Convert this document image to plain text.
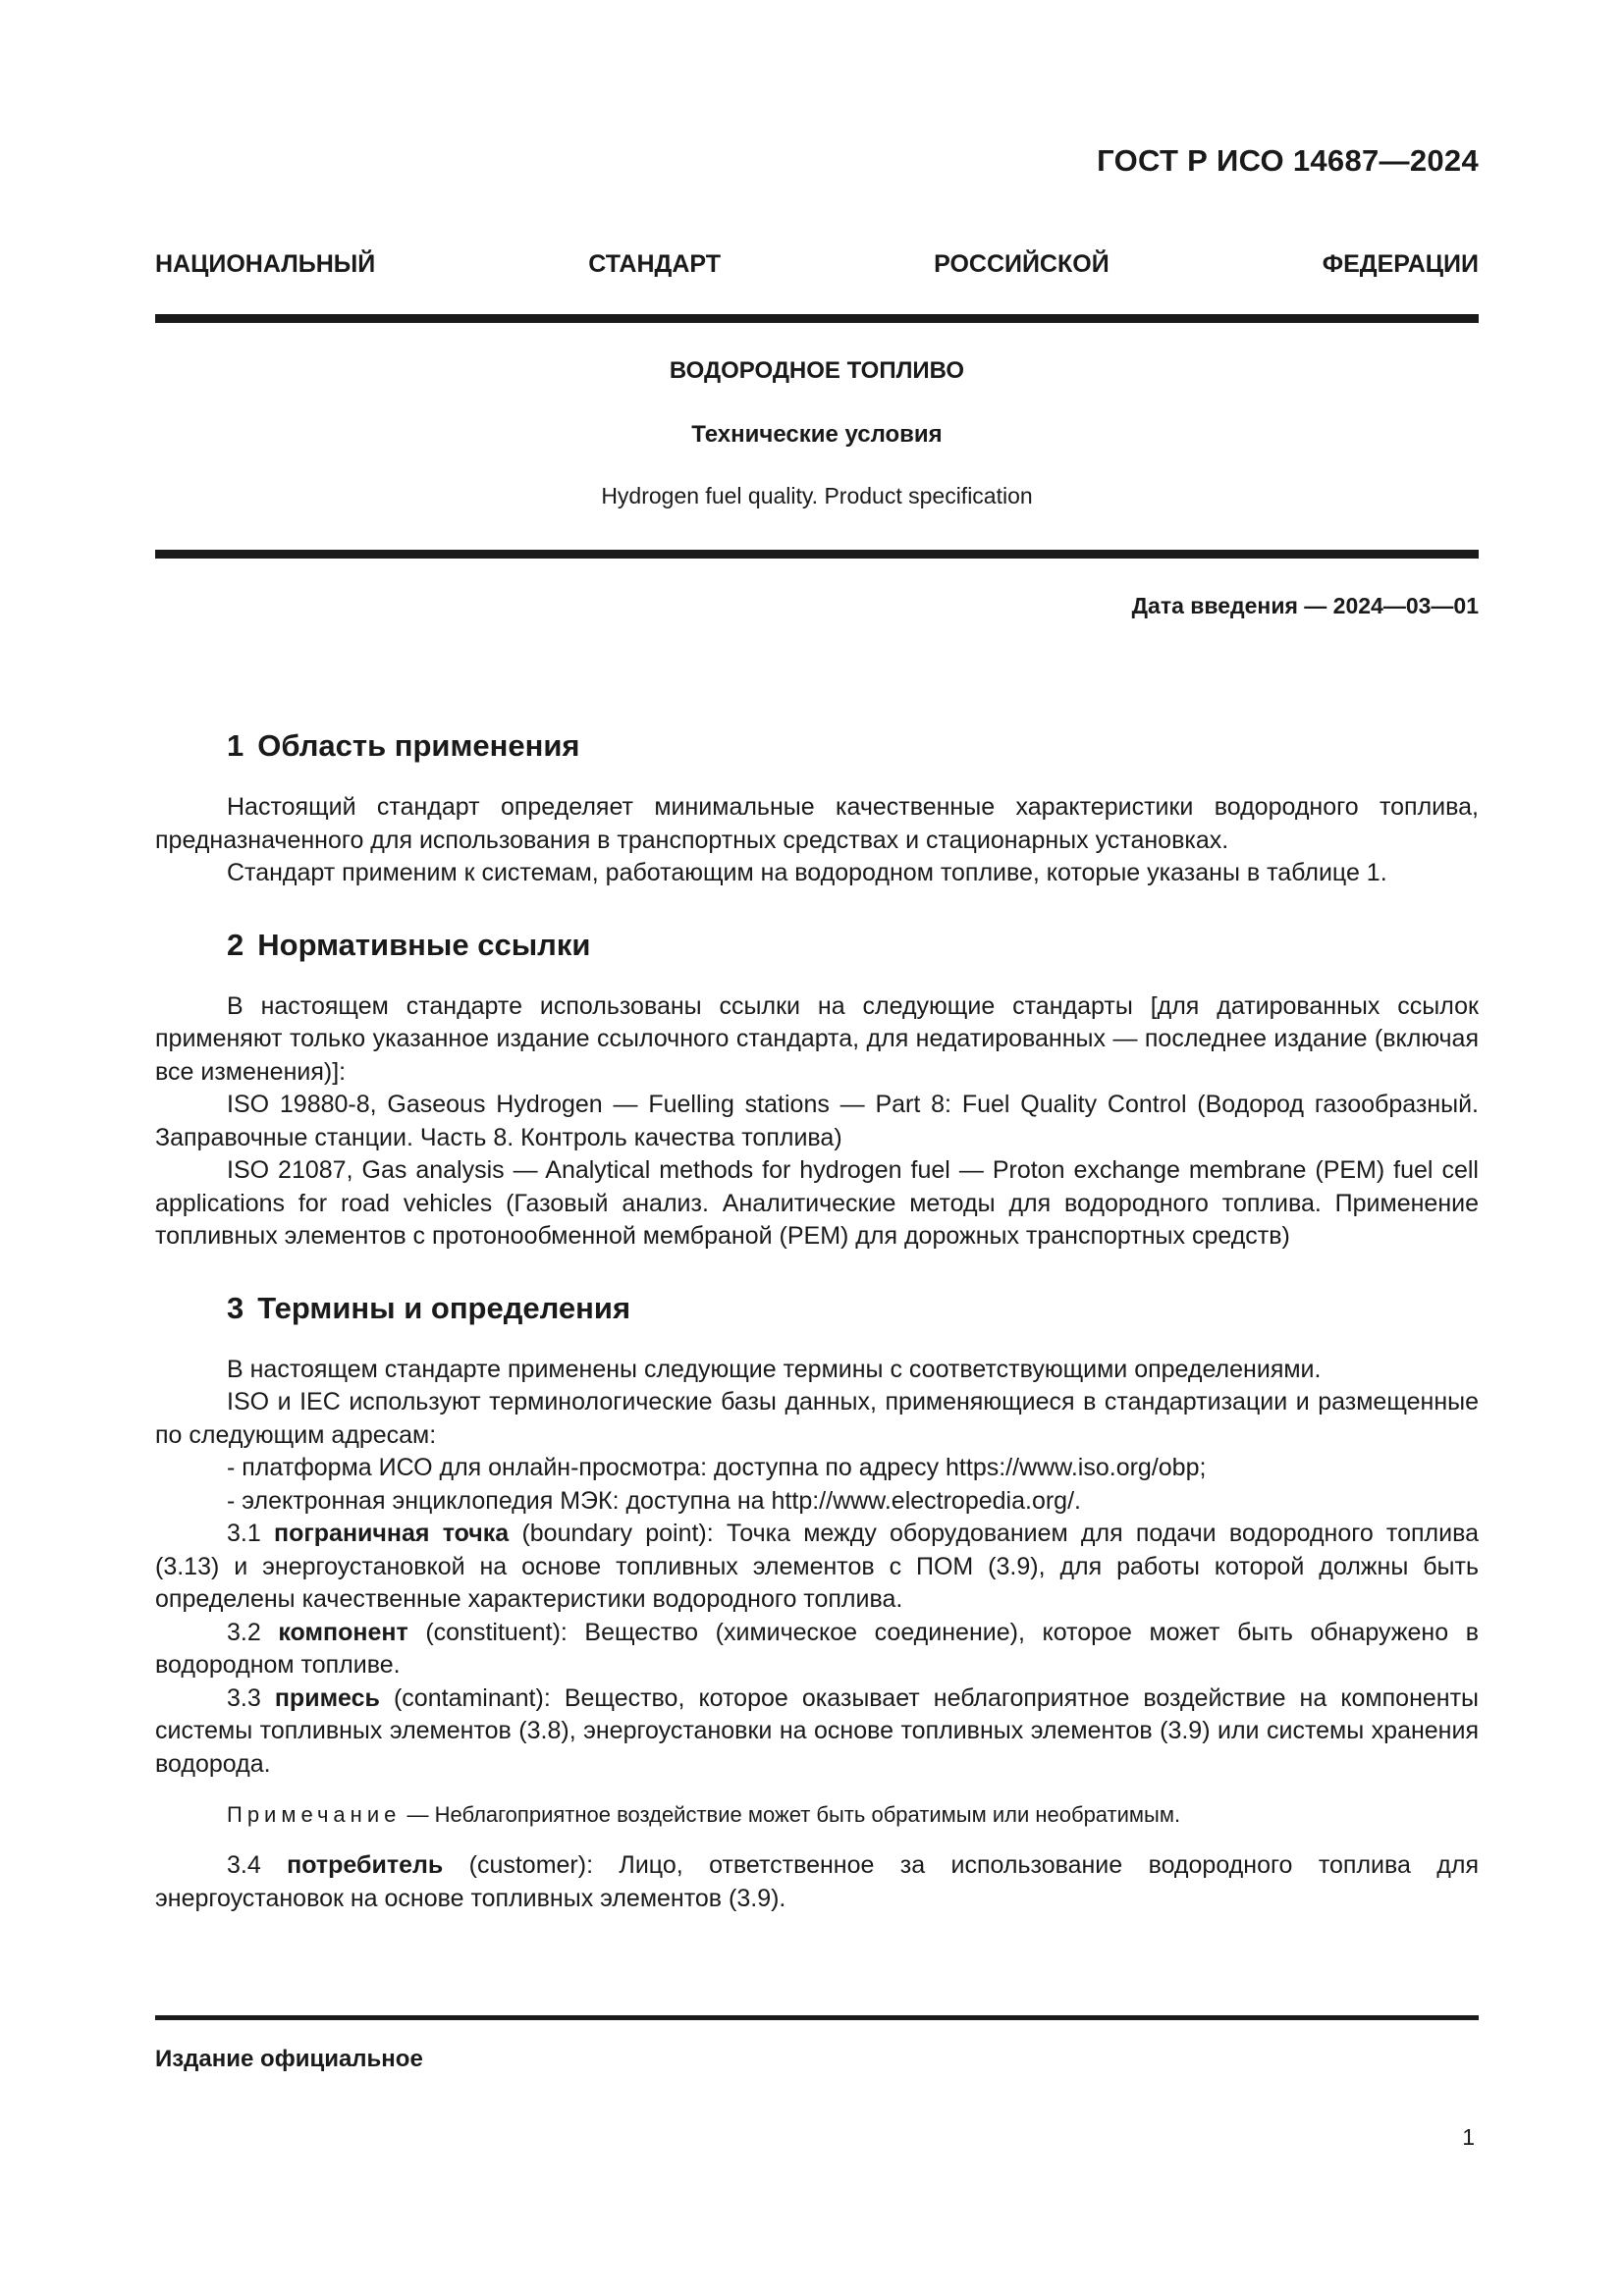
ГОСТ Р ИСО 14687—2024
НАЦИОНАЛЬНЫЙ	СТАНДАРТ	РОССИЙСКОЙ	ФЕДЕРАЦИИ
ВОДОРОДНОЕ ТОПЛИВО
Технические условия
Hydrogen fuel quality. Product specification
Дата введения — 2024—03—01
1 Область применения

Настоящий стандарт определяет минимальные качественные характеристики водородного топлива, предназначенного для использования в транспортных средствах и стационарных установках.

Стандарт применим к системам, работающим на водородном топливе, которые указаны в таблице 1.

2 Нормативные ссылки

В настоящем стандарте использованы ссылки на следующие стандарты [для датированных ссылок применяют только указанное издание ссылочного стандарта, для недатированных — последнее издание (включая все изменения)]:

ISO 19880-8, Gaseous Hydrogen — Fuelling stations — Part 8: Fuel Quality Control (Водород газообразный. Заправочные станции. Часть 8. Контроль качества топлива)

ISO 21087, Gas analysis — Analytical methods for hydrogen fuel — Proton exchange membrane (PEM) fuel cell applications for road vehicles (Газовый анализ. Аналитические методы для водородного топлива. Применение топливных элементов с протонообменной мембраной (PEM) для дорожных транспортных средств)

3 Термины и определения

В настоящем стандарте применены следующие термины с соответствующими определениями.

ISO и IEC используют терминологические базы данных, применяющиеся в стандартизации и размещенные по следующим адресам:

- платформа ИСО для онлайн-просмотра: доступна по адресу https://www.iso.org/obp;

- электронная энциклопедия МЭК: доступна на http://www.electropedia.org/.

3.1 пограничная точка (boundary point): Точка между оборудованием для подачи водородного топлива (3.13) и энергоустановкой на основе топливных элементов с ПОМ (3.9), для работы которой должны быть определены качественные характеристики водородного топлива.

3.2 компонент (constituent): Вещество (химическое соединение), которое может быть обнаружено в водородном топливе.

3.3 примесь (contaminant): Вещество, которое оказывает неблагоприятное воздействие на компоненты системы топливных элементов (3.8), энергоустановки на основе топливных элементов (3.9) или системы хранения водорода.

Примечание — Неблагоприятное воздействие может быть обратимым или необратимым.

3.4 потребитель (customer): Лицо, ответственное за использование водородного топлива для энергоустановок на основе топливных элементов (3.9).

Издание официальное
1
